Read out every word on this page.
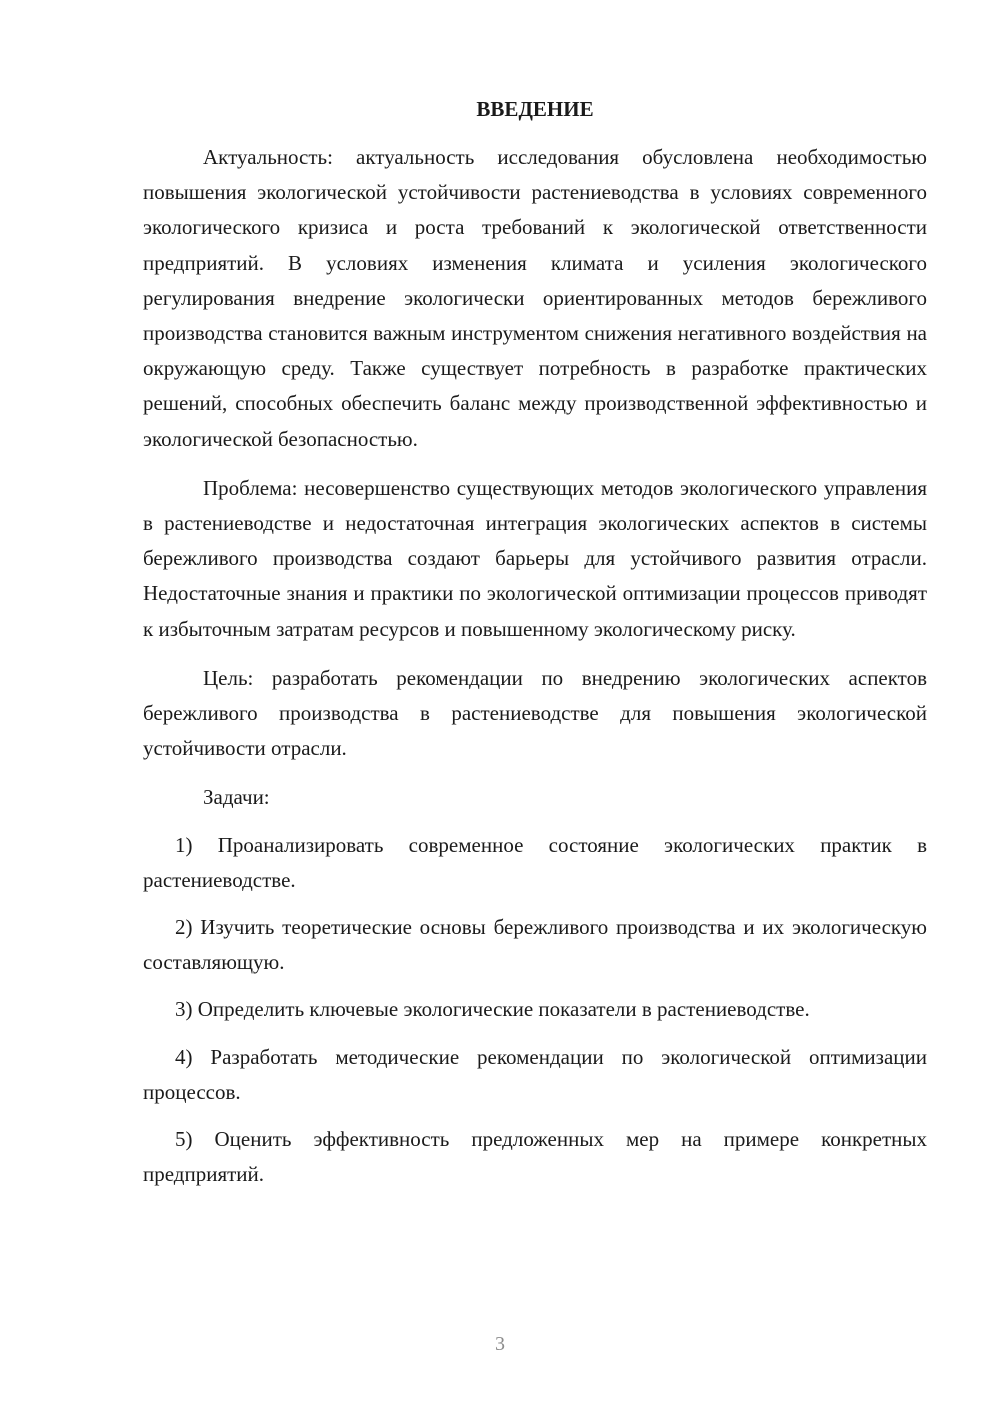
ВВЕДЕНИЕ

Актуальность: актуальность исследования обусловлена необходимостью повышения экологической устойчивости растениеводства в условиях современного экологического кризиса и роста требований к экологической ответственности предприятий. В условиях изменения климата и усиления экологического регулирования внедрение экологически ориентированных методов бережливого производства становится важным инструментом снижения негативного воздействия на окружающую среду. Также существует потребность в разработке практических решений, способных обеспечить баланс между производственной эффективностью и экологической безопасностью.

Проблема: несовершенство существующих методов экологического управления в растениеводстве и недостаточная интеграция экологических аспектов в системы бережливого производства создают барьеры для устойчивого развития отрасли. Недостаточные знания и практики по экологической оптимизации процессов приводят к избыточным затратам ресурсов и повышенному экологическому риску.

Цель: разработать рекомендации по внедрению экологических аспектов бережливого производства в растениеводстве для повышения экологической устойчивости отрасли.

Задачи:

1) Проанализировать современное состояние экологических практик в растениеводстве.

2) Изучить теоретические основы бережливого производства и их экологическую составляющую.

3) Определить ключевые экологические показатели в растениеводстве.

4) Разработать методические рекомендации по экологической оптимизации процессов.

5) Оценить эффективность предложенных мер на примере конкретных предприятий.

3
